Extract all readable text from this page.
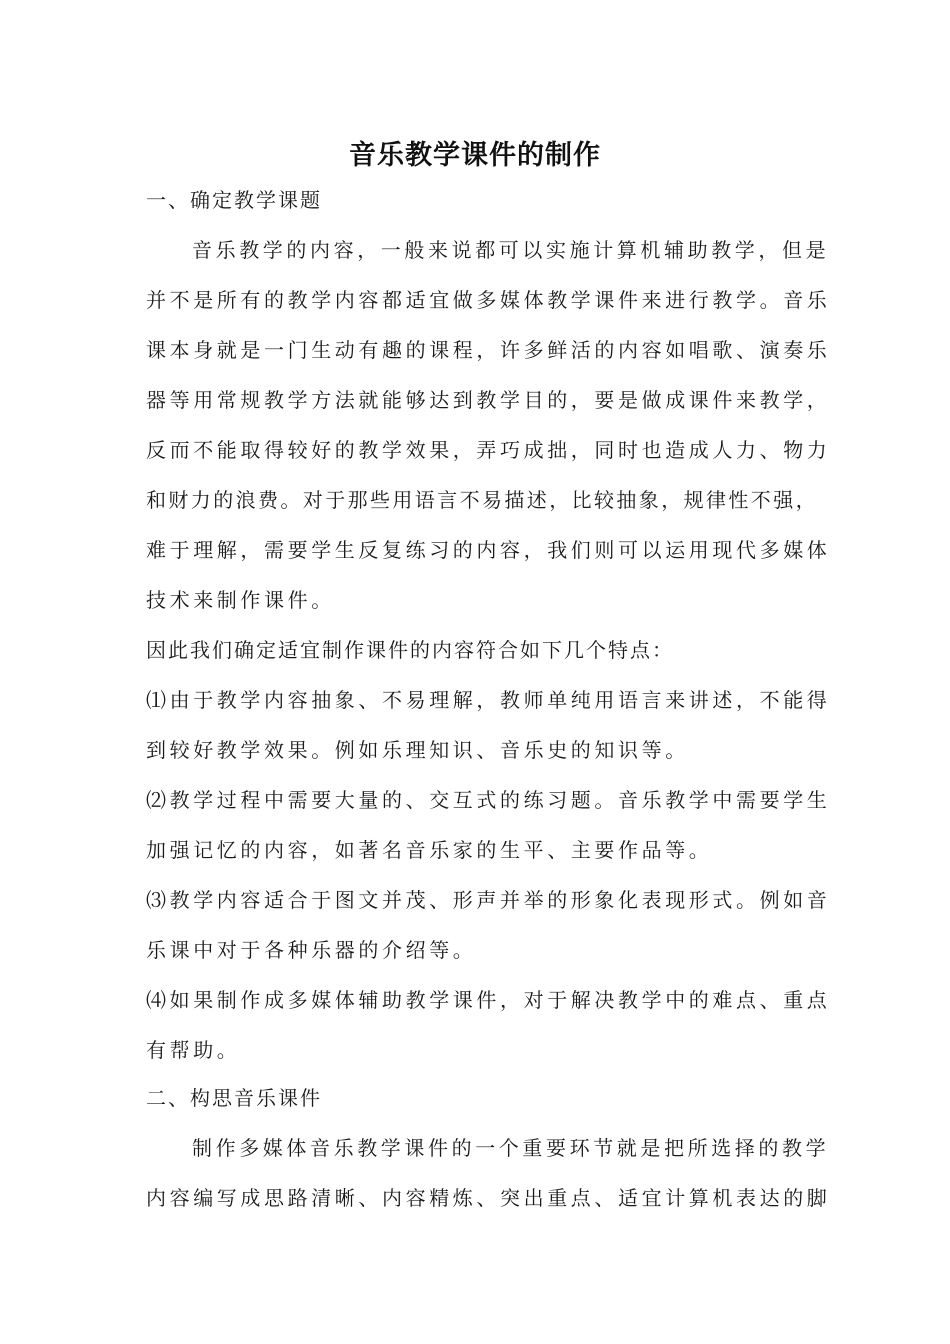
音乐教学课件的制作
一、确定教学课题
音乐教学的内容，一般来说都可以实施计算机辅助教学，但是
并不是所有的教学内容都适宜做多媒体教学课件来进行教学。音乐
课本身就是一门生动有趣的课程，许多鲜活的内容如唱歌、演奏乐
器等用常规教学方法就能够达到教学目的，要是做成课件来教学，
反而不能取得较好的教学效果，弄巧成拙，同时也造成人力、物力
和财力的浪费。对于那些用语言不易描述，比较抽象，规律性不强，
难于理解，需要学生反复练习的内容，我们则可以运用现代多媒体
技术来制作课件。
因此我们确定适宜制作课件的内容符合如下几个特点：
⑴由于教学内容抽象、不易理解，教师单纯用语言来讲述，不能得
到较好教学效果。例如乐理知识、音乐史的知识等。
⑵教学过程中需要大量的、交互式的练习题。音乐教学中需要学生
加强记忆的内容，如著名音乐家的生平、主要作品等。
⑶教学内容适合于图文并茂、形声并举的形象化表现形式。例如音
乐课中对于各种乐器的介绍等。
⑷如果制作成多媒体辅助教学课件，对于解决教学中的难点、重点
有帮助。
二、构思音乐课件
制作多媒体音乐教学课件的一个重要环节就是把所选择的教学
内容编写成思路清晰、内容精炼、突出重点、适宜计算机表达的脚
